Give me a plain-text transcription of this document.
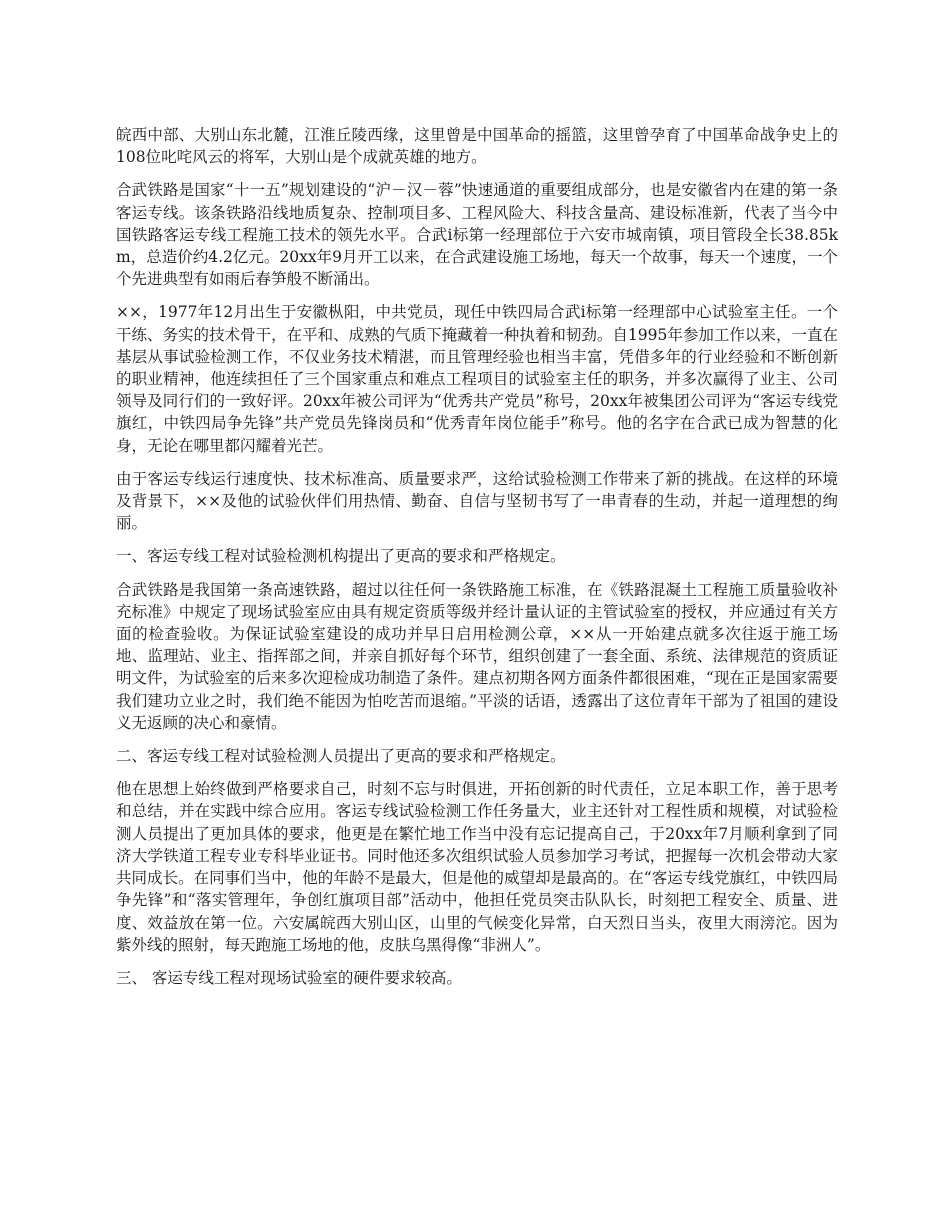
皖西中部、大别山东北麓，江淮丘陵西缘，这里曾是中国革命的摇篮，这里曾孕育了中国革命战争史上的108位叱咤风云的将军，大别山是个成就英雄的地方。

合武铁路是国家“十一五”规划建设的“沪－汉－蓉”快速通道的重要组成部分，也是安徽省内在建的第一条客运专线。该条铁路沿线地质复杂、控制项目多、工程风险大、科技含量高、建设标准新，代表了当今中国铁路客运专线工程施工技术的领先水平。合武ⅰ标第一经理部位于六安市城南镇，项目管段全长38.85km，总造价约4.2亿元。20xx年9月开工以来，在合武建设施工场地，每天一个故事，每天一个速度，一个个先进典型有如雨后春笋般不断涌出。

××，1977年12月出生于安徽枞阳，中共党员，现任中铁四局合武ⅰ标第一经理部中心试验室主任。一个干练、务实的技术骨干，在平和、成熟的气质下掩藏着一种执着和韧劲。自1995年参加工作以来，一直在基层从事试验检测工作，不仅业务技术精湛，而且管理经验也相当丰富，凭借多年的行业经验和不断创新的职业精神，他连续担任了三个国家重点和难点工程项目的试验室主任的职务，并多次赢得了业主、公司领导及同行们的一致好评。20xx年被公司评为“优秀共产党员”称号，20xx年被集团公司评为“客运专线党旗红，中铁四局争先锋”共产党员先锋岗员和“优秀青年岗位能手”称号。他的名字在合武已成为智慧的化身，无论在哪里都闪耀着光芒。

由于客运专线运行速度快、技术标准高、质量要求严，这给试验检测工作带来了新的挑战。在这样的环境及背景下，××及他的试验伙伴们用热情、勤奋、自信与坚韧书写了一串青春的生动，并起一道理想的绚丽。

一、客运专线工程对试验检测机构提出了更高的要求和严格规定。

合武铁路是我国第一条高速铁路，超过以往任何一条铁路施工标准，在《铁路混凝土工程施工质量验收补充标准》中规定了现场试验室应由具有规定资质等级并经计量认证的主管试验室的授权，并应通过有关方面的检查验收。为保证试验室建设的成功并早日启用检测公章，××从一开始建点就多次往返于施工场地、监理站、业主、指挥部之间，并亲自抓好每个环节，组织创建了一套全面、系统、法律规范的资质证明文件，为试验室的后来多次迎检成功制造了条件。建点初期各网方面条件都很困难，“现在正是国家需要我们建功立业之时，我们绝不能因为怕吃苦而退缩。”平淡的话语，透露出了这位青年干部为了祖国的建设义无返顾的决心和豪情。

二、客运专线工程对试验检测人员提出了更高的要求和严格规定。

他在思想上始终做到严格要求自己，时刻不忘与时俱进，开拓创新的时代责任，立足本职工作，善于思考和总结，并在实践中综合应用。客运专线试验检测工作任务量大，业主还针对工程性质和规模，对试验检测人员提出了更加具体的要求，他更是在繁忙地工作当中没有忘记提高自己，于20xx年7月顺利拿到了同济大学铁道工程专业专科毕业证书。同时他还多次组织试验人员参加学习考试，把握每一次机会带动大家共同成长。在同事们当中，他的年龄不是最大，但是他的威望却是最高的。在“客运专线党旗红，中铁四局争先锋”和“落实管理年，争创红旗项目部”活动中，他担任党员突击队队长，时刻把工程安全、质量、进度、效益放在第一位。六安属皖西大别山区，山里的气候变化异常，白天烈日当头，夜里大雨滂沱。因为紫外线的照射，每天跑施工场地的他，皮肤乌黑得像“非洲人”。

三、 客运专线工程对现场试验室的硬件要求较高。
